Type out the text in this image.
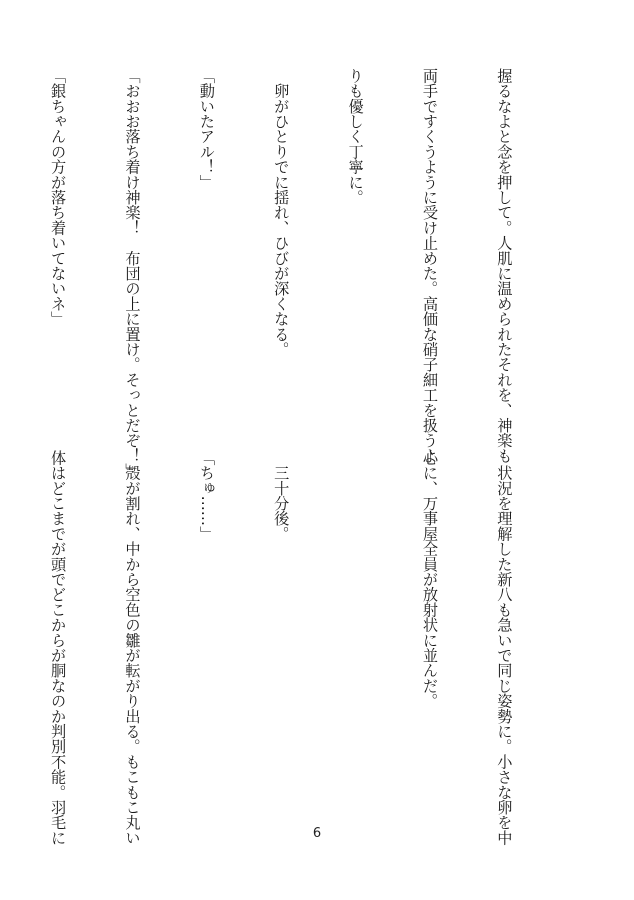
握るなよと念を押して。人肌に温められたそれを、神楽も

両手ですくうように受け止めた。高価な硝子細工を扱うよ

りも優しく丁寧に。

　卵がひとりでに揺れ、ひびが深くなる。

「動いたアル！」

「おおお落ち着け神楽！　布団の上に置け。そっとだぞ！」

「銀ちゃんの方が落ち着いてないネ」

　状況を理解した新八も急いで同じ姿勢に。小さな卵を中

心に、万事屋全員が放射状に並んだ。

　三十分後。

「ちゅ……」

　殻が割れ、中から空色の雛が転がり出る。もこもこ丸い

体はどこまでが頭でどこからが胴なのか判別不能。羽毛に

	6
